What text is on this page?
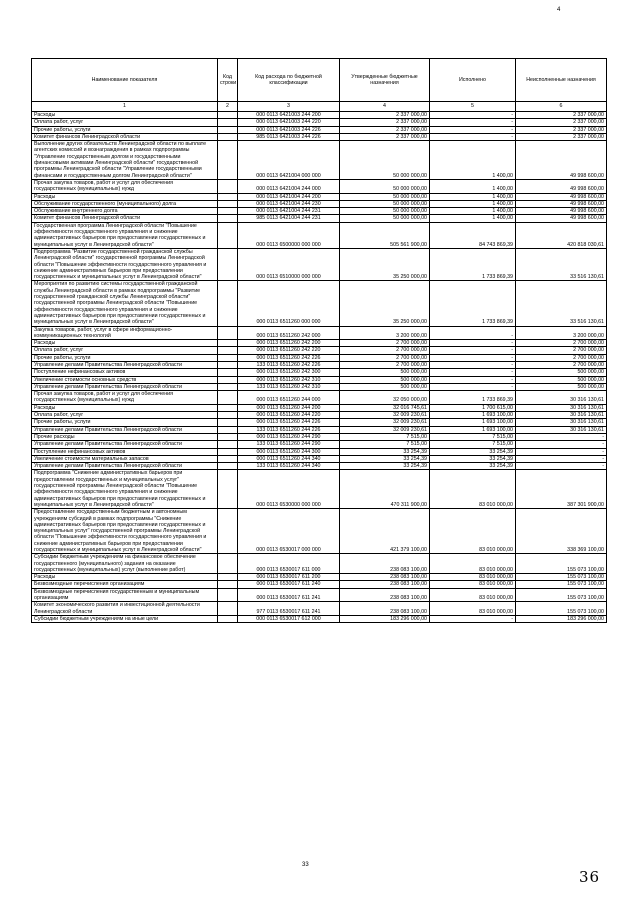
4
Наименование показателя	Код строки	Код расхода по бюджетной классификации	Утвержденные бюджетные назначения	Исполнено	Неисполненные назначения
1	2	3	4	5	6
Расходы		000 0113 6421003 244 200	2 337 000,00	-	2 337 000,00
Оплата работ, услуг		000 0113 6421003 244 220	2 337 000,00	-	2 337 000,00
Прочие работы, услуги		000 0113 6421003 244 226	2 337 000,00	-	2 337 000,00
Комитет финансов Ленинградской области		985 0113 6421003 244 226	2 337 000,00	-	2 337 000,00
Выполнение других обязательств Ленинградской области по выплате агентских комиссий и вознаграждения в рамках подпрограммы "Управление государственным долгом и государственными финансовыми активами Ленинградской области" государственной программы Ленинградской области "Управление государственными финансами и государственным долгом Ленинградской области"		000 0113 6421004 000 000	50 000 000,00	1 400,00	49 998 600,00
Прочая закупка товаров, работ и услуг для обеспечения государственных (муниципальных) нужд		000 0113 6421004 244 000	50 000 000,00	1 400,00	49 998 600,00
Расходы		000 0113 6421004 244 200	50 000 000,00	1 400,00	49 998 600,00
Обслуживание государственного (муниципального) долга		000 0113 6421004 244 230	50 000 000,00	1 400,00	49 998 600,00
Обслуживание внутреннего долга		000 0113 6421004 244 231	50 000 000,00	1 400,00	49 998 600,00
Комитет финансов Ленинградской области		985 0113 6421004 244 231	50 000 000,00	1 400,00	49 998 600,00
Государственная программа Ленинградской области "Повышение эффективности государственного управления и снижение административных барьеров при предоставлении государственных и муниципальных услуг в Ленинградской области"		000 0113 6500000 000 000	505 561 900,00	84 743 869,39	420 818 030,61
Подпрограмма "Развитие государственной гражданской службы Ленинградской области" государственной программы Ленинградской области "Повышение эффективности государственного управления и снижение административных барьеров при предоставлении государственных и муниципальных услуг в Ленинградской области"		000 0113 6510000 000 000	35 250 000,00	1 733 869,39	33 516 130,61
Мероприятия по развитию системы государственной гражданской службы Ленинградской области в рамках подпрограммы "Развитие государственной гражданской службы Ленинградской области" государственной программы Ленинградской области "Повышение эффективности государственного управления и снижение административных барьеров при предоставлении государственных и муниципальных услуг в Ленинградской области"		000 0113 6511260 000 000	35 250 000,00	1 733 869,39	33 516 130,61
Закупка товаров, работ, услуг в сфере информационно-коммуникационных технологий		000 0113 6511260 242 000	3 200 000,00	-	3 200 000,00
Расходы		000 0113 6511260 242 200	2 700 000,00	-	2 700 000,00
Оплата работ, услуг		000 0113 6511260 242 220	2 700 000,00	-	2 700 000,00
Прочие работы, услуги		000 0113 6511260 242 226	2 700 000,00	-	2 700 000,00
Управление делами Правительства Ленинградской области		133 0113 6511260 242 226	2 700 000,00	-	2 700 000,00
Поступление нефинансовых активов		000 0113 6511260 242 300	500 000,00	-	500 000,00
Увеличение стоимости основных средств		000 0113 6511260 242 310	500 000,00	-	500 000,00
Управление делами Правительства Ленинградской области		133 0113 6511260 242 310	500 000,00	-	500 000,00
Прочая закупка товаров, работ и услуг для обеспечения государственных (муниципальных) нужд		000 0113 6511260 244 000	32 050 000,00	1 733 869,39	30 316 130,61
Расходы		000 0113 6511260 244 200	32 016 745,61	1 700 615,00	30 316 130,61
Оплата работ, услуг		000 0113 6511260 244 220	32 009 230,61	1 693 100,00	30 316 130,61
Прочие работы, услуги		000 0113 6511260 244 226	32 009 230,61	1 693 100,00	30 316 130,61
Управление делами Правительства Ленинградской области		133 0113 6511260 244 226	32 009 230,61	1 693 100,00	30 316 130,61
Прочие расходы		000 0113 6511260 244 290	7 515,00	7 515,00	-
Управление делами Правительства Ленинградской области		133 0113 6511260 244 290	7 515,00	7 515,00	-
Поступление нефинансовых активов		000 0113 6511260 244 300	33 254,39	33 254,39	-
Увеличение стоимости материальных запасов		000 0113 6511260 244 340	33 254,39	33 254,39	-
Управление делами Правительства Ленинградской области		133 0113 6511260 244 340	33 254,39	33 254,39	-
Подпрограмма "Снижение административных барьеров при предоставлении государственных и муниципальных услуг" государственной программы Ленинградской области "Повышение эффективности государственного управления и снижение административных барьеров при предоставлении государственных и муниципальных услуг в Ленинградской области"		000 0113 6530000 000 000	470 311 900,00	83 010 000,00	387 301 900,00
Предоставление государственным бюджетным и автономным учреждениям субсидий в рамках подпрограммы "Снижение административных барьеров при предоставлении государственных и муниципальных услуг" государственной программы Ленинградской области "Повышение эффективности государственного управления и снижение административных барьеров при предоставлении государственных и муниципальных услуг в Ленинградской области"		000 0113 6530017 000 000	421 379 100,00	83 010 000,00	338 369 100,00
Субсидии бюджетным учреждениям на финансовое обеспечение государственного (муниципального) задания на оказание государственных (муниципальных) услуг (выполнение работ)		000 0113 6530017 611 000	238 083 100,00	83 010 000,00	155 073 100,00
Расходы		000 0113 6530017 611 200	238 083 100,00	83 010 000,00	155 073 100,00
Безвозмездные перечисления организациям		000 0113 6530017 611 240	238 083 100,00	83 010 000,00	155 073 100,00
Безвозмездные перечисления государственным и муниципальным организациям		000 0113 6530017 611 241	238 083 100,00	83 010 000,00	155 073 100,00
Комитет экономического развития и инвестиционной деятельности Ленинградской области		977 0113 6530017 611 241	238 083 100,00	83 010 000,00	155 073 100,00
Субсидии бюджетным учреждениям на иные цели		000 0113 6530017 612 000	183 296 000,00	-	183 296 000,00
33
36
